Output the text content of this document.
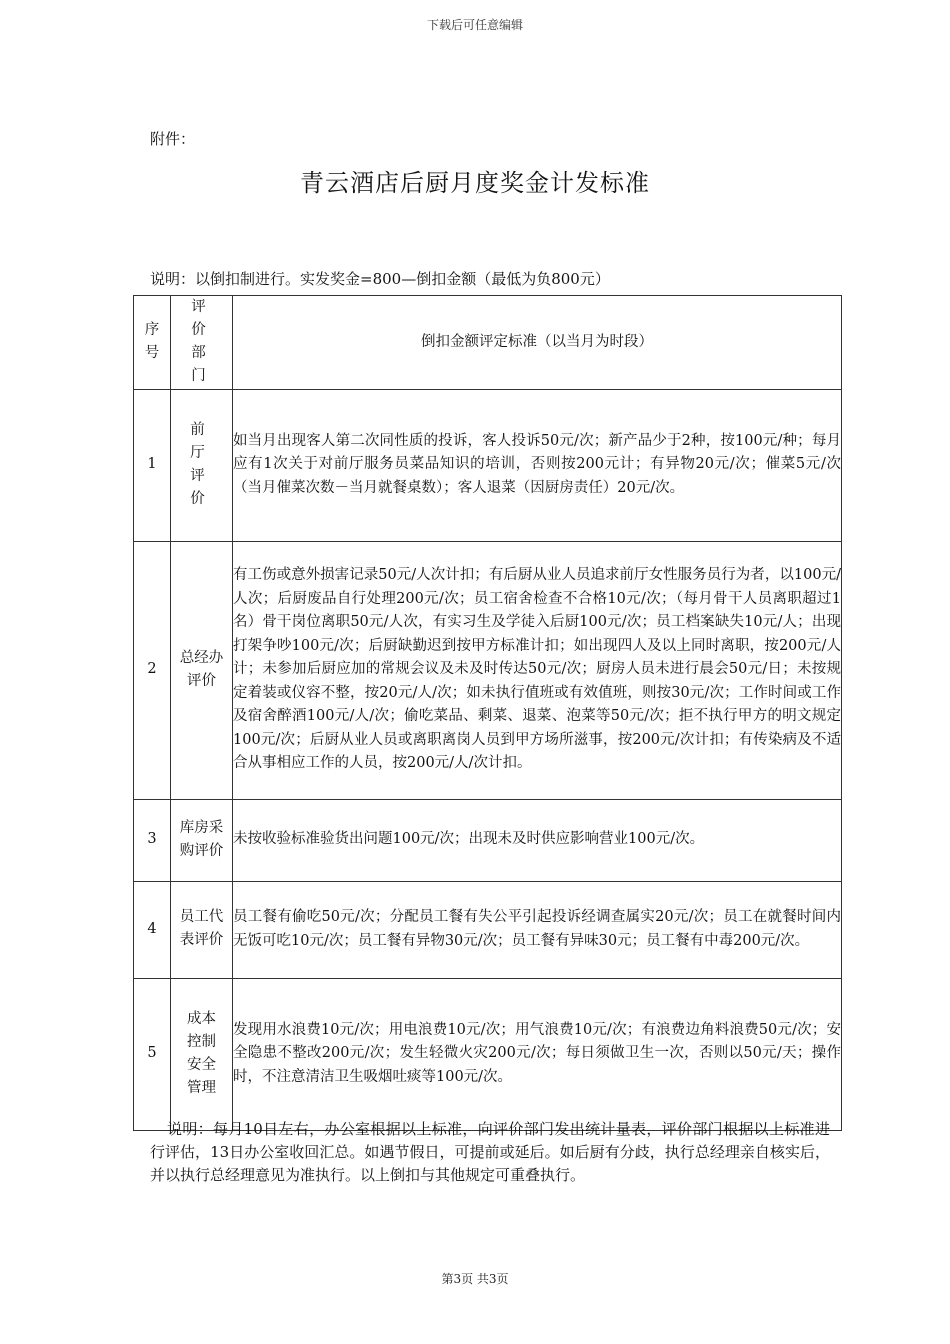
下载后可任意编辑
附件：
青云酒店后厨月度奖金计发标准
说明：以倒扣制进行。实发奖金=800—倒扣金额（最低为负800元）
序号	评价部门	倒扣金额评定标准（以当月为时段）
1	前厅评价	如当月出现客人第二次同性质的投诉，客人投诉50元/次；新产品少于2种，按100元/种；每月应有1次关于对前厅服务员菜品知识的培训，否则按200元计；有异物20元/次；催菜5元/次（当月催菜次数－当月就餐桌数）；客人退菜（因厨房责任）20元/次。
2	总经办评价	有工伤或意外损害记录50元/人次计扣；有后厨从业人员追求前厅女性服务员行为者，以100元/人次；后厨废品自行处理200元/次；员工宿舍检查不合格10元/次；（每月骨干人员离职超过1名）骨干岗位离职50元/人次，有实习生及学徒入后厨100元/次；员工档案缺失10元/人；出现打架争吵100元/次；后厨缺勤迟到按甲方标准计扣；如出现四人及以上同时离职，按200元/人计；未参加后厨应加的常规会议及未及时传达50元/次；厨房人员未进行晨会50元/日；未按规定着装或仪容不整，按20元/人/次；如未执行值班或有效值班，则按30元/次；工作时间或工作及宿舍醉酒100元/人/次；偷吃菜品、剩菜、退菜、泡菜等50元/次；拒不执行甲方的明文规定100元/次；后厨从业人员或离职离岗人员到甲方场所滋事，按200元/次计扣；有传染病及不适合从事相应工作的人员，按200元/人/次计扣。
3	库房采购评价	未按收验标准验货出问题100元/次；出现未及时供应影响营业100元/次。
4	员工代表评价	员工餐有偷吃50元/次；分配员工餐有失公平引起投诉经调查属实20元/次；员工在就餐时间内无饭可吃10元/次；员工餐有异物30元/次；员工餐有异味30元；员工餐有中毒200元/次。
5	成本控制安全管理	发现用水浪费10元/次；用电浪费10元/次；用气浪费10元/次；有浪费边角料浪费50元/次；安全隐患不整改200元/次；发生轻微火灾200元/次；每日须做卫生一次，否则以50元/天；操作时，不注意清洁卫生吸烟吐痰等100元/次。
说明：每月10日左右，办公室根据以上标准，向评价部门发出统计量表，评价部门根据以上标准进行评估，13日办公室收回汇总。如遇节假日，可提前或延后。如后厨有分歧，执行总经理亲自核实后，并以执行总经理意见为准执行。以上倒扣与其他规定可重叠执行。
第3页 共3页
